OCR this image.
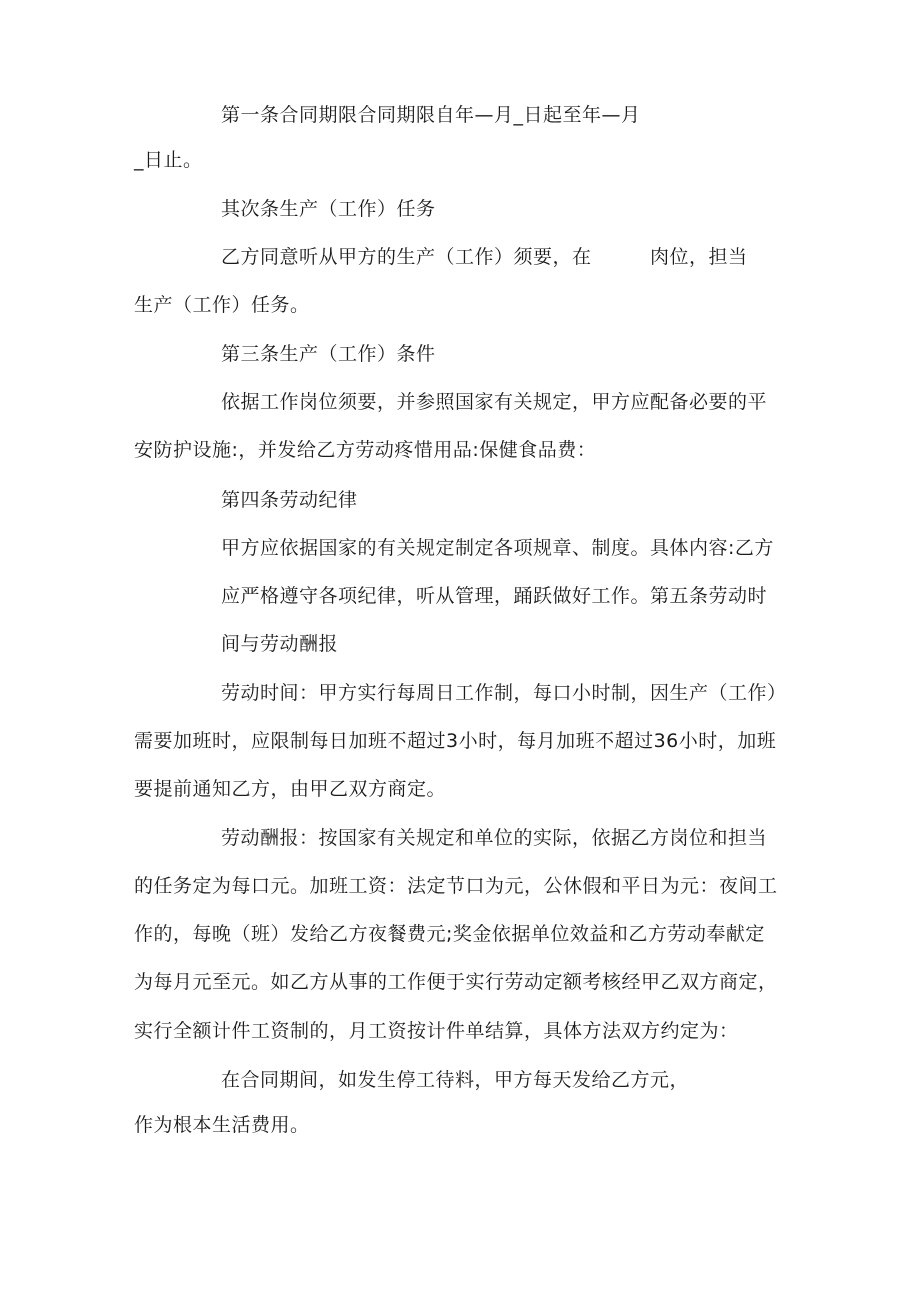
第一条合同期限合同期限自年—月_日起至年—月
_日止。
其次条生产（工作）任务
乙方同意听从甲方的生产（工作）须要，在　　　肉位，担当
生产（工作）任务。
第三条生产（工作）条件
依据工作岗位须要，并参照国家有关规定，甲方应配备必要的平
安防护设施:，并发给乙方劳动疼惜用品:保健食品费：
第四条劳动纪律
甲方应依据国家的有关规定制定各项规章、制度。具体内容:乙方
应严格遵守各项纪律，听从管理，踊跃做好工作。第五条劳动时
间与劳动酬报
劳动时间：甲方实行每周日工作制，每口小时制，因生产（工作）
需要加班时，应限制每日加班不超过3小时，每月加班不超过36小时，加班
要提前通知乙方，由甲乙双方商定。
劳动酬报：按国家有关规定和单位的实际，依据乙方岗位和担当
的任务定为每口元。加班工资：法定节口为元，公休假和平日为元：夜间工
作的，每晚（班）发给乙方夜餐费元;奖金依据单位效益和乙方劳动奉献定
为每月元至元。如乙方从事的工作便于实行劳动定额考核经甲乙双方商定，
实行全额计件工资制的，月工资按计件单结算，具体方法双方约定为：
在合同期间，如发生停工待料，甲方每天发给乙方元，
作为根本生活费用。
